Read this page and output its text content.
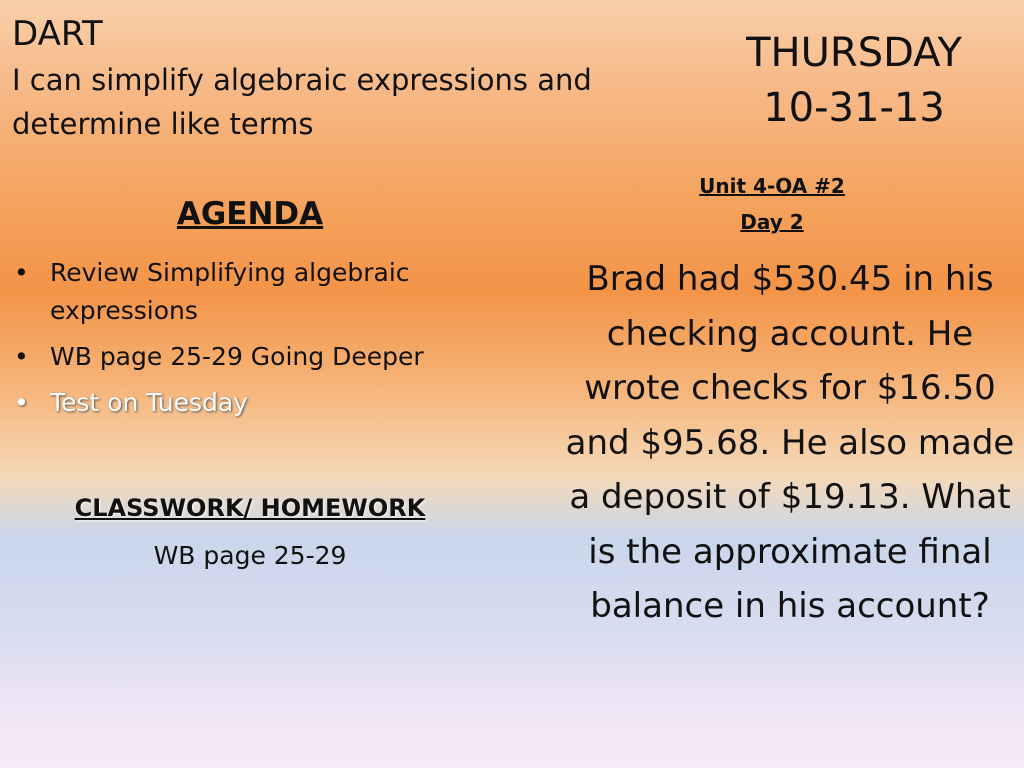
DART
I can simplify algebraic expressions and determine like terms
THURSDAY
10-31-13
Unit 4-OA #2
Day 2
AGENDA
• Review Simplifying algebraic expressions
• WB page 25-29 Going Deeper
• Test on Tuesday
CLASSWORK/ HOMEWORK
WB page 25-29
Brad had $530.45 in his checking account. He wrote checks for $16.50 and $95.68. He also made a deposit of $19.13. What is the approximate final balance in his account?
